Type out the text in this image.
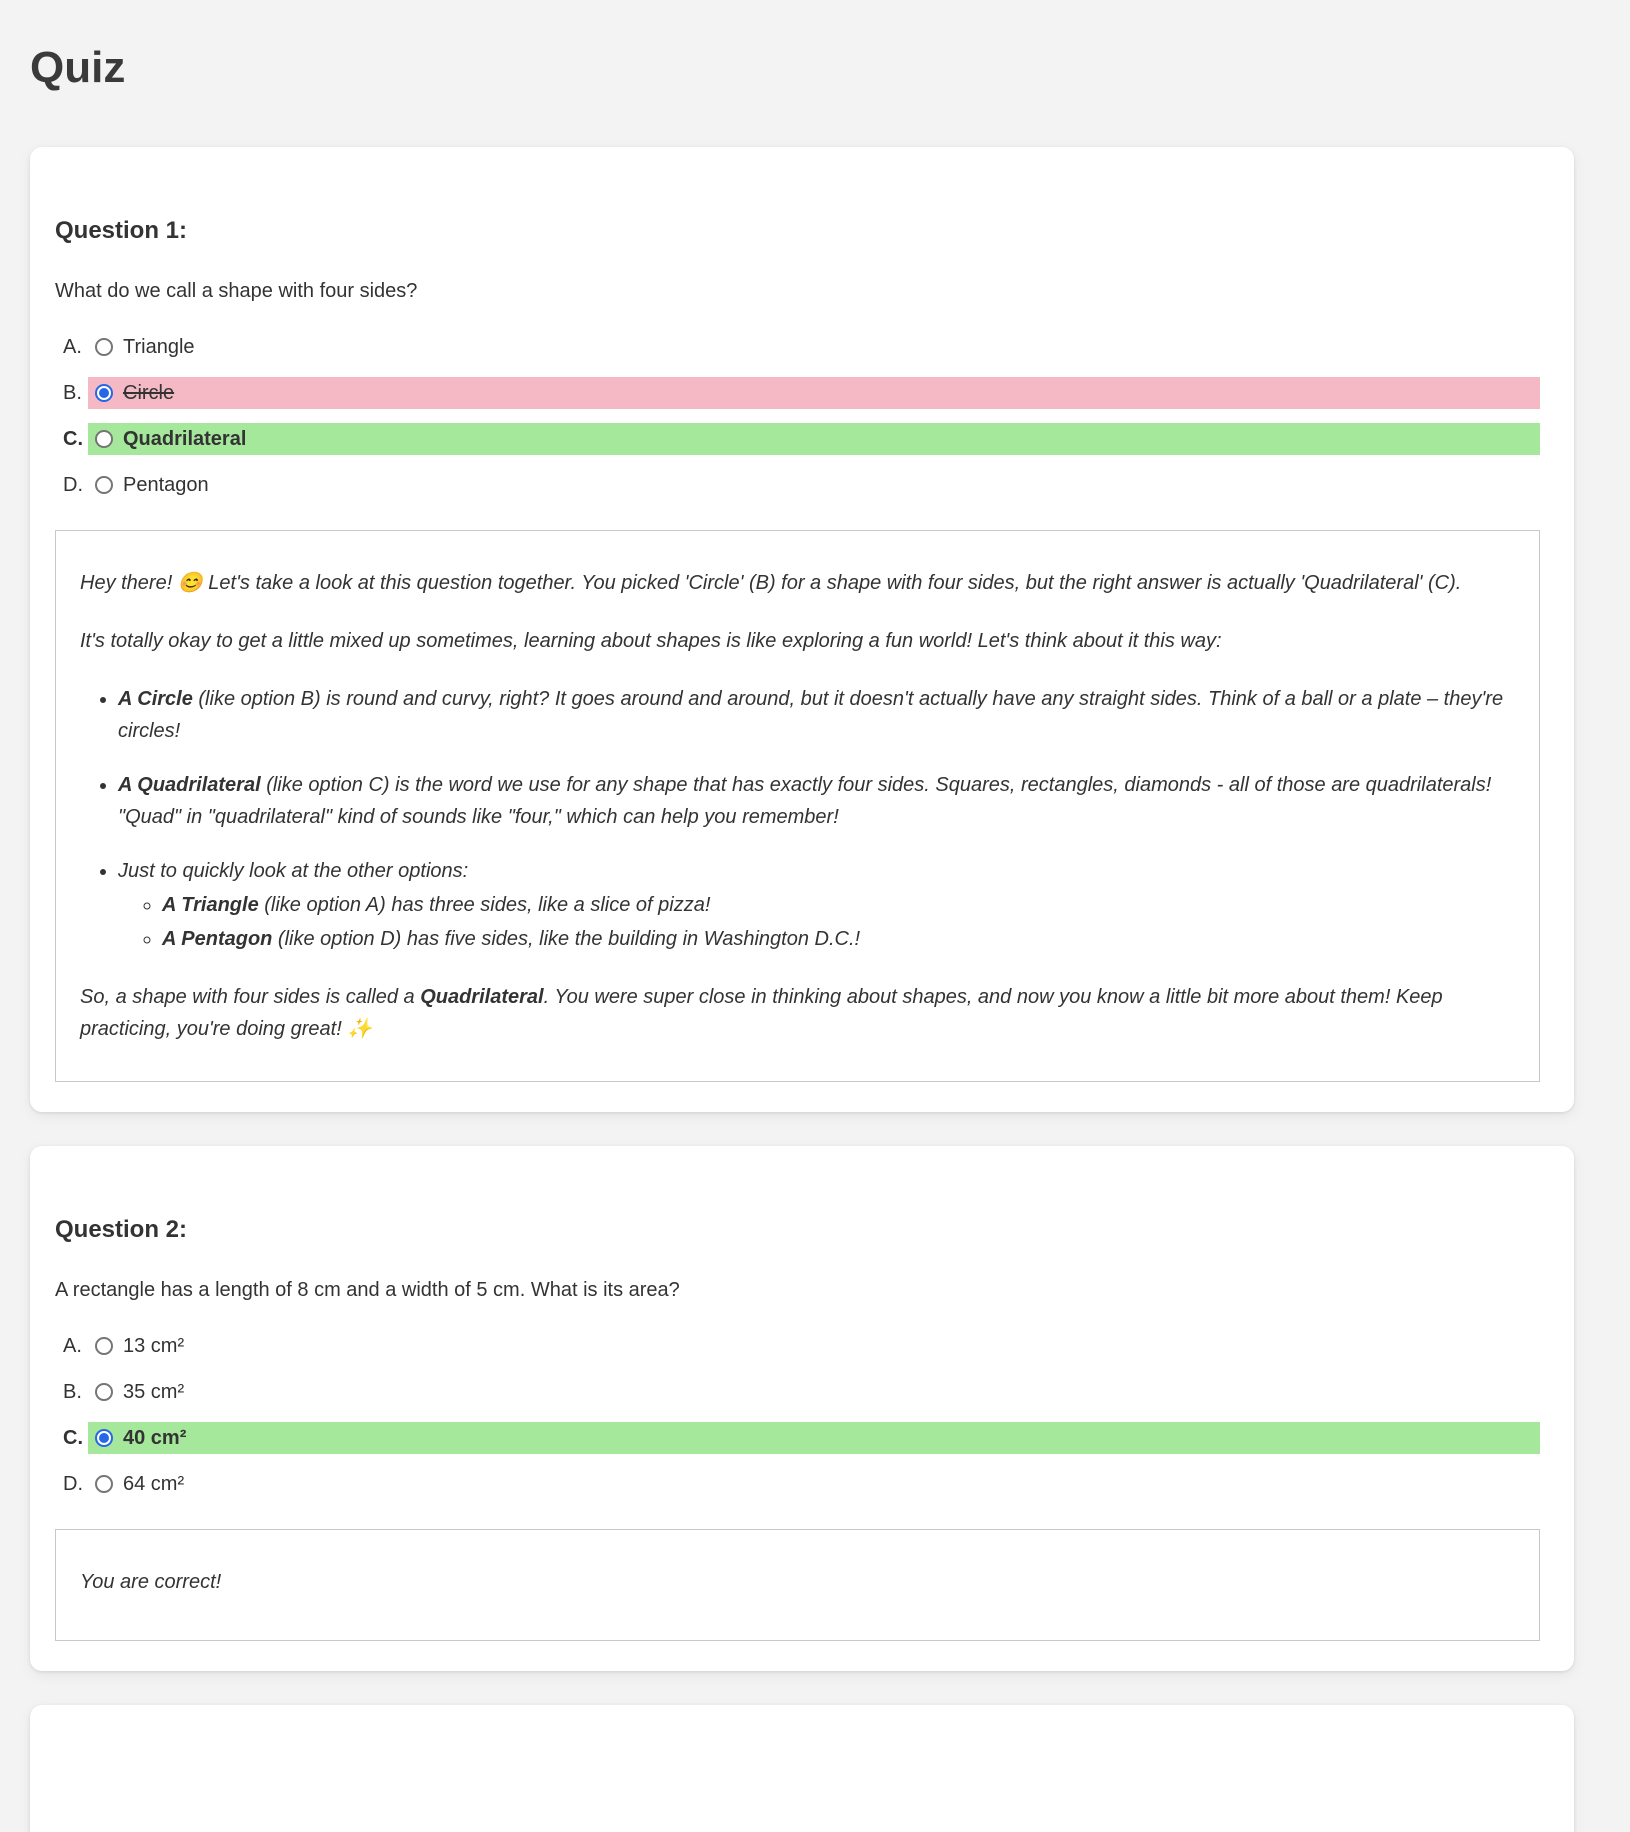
Quiz
Question 1:

What do we call a shape with four sides?

A.	Triangle
B.	Circle
C. Quadrilateral
D. Pentagon

Hey there! 😊 Let's take a look at this question together. You picked 'Circle' (B) for a shape with four sides, but the right answer is actually 'Quadrilateral' (C).

It's totally okay to get a little mixed up sometimes, learning about shapes is like exploring a fun world! Let's think about it this way:

• A Circle (like option B) is round and curvy, right? It goes around and around, but it doesn't actually have any straight sides. Think of a ball or a plate – they're circles!
• A Quadrilateral (like option C) is the word we use for any shape that has exactly four sides. Squares, rectangles, diamonds - all of those are quadrilaterals! "Quad" in "quadrilateral" kind of sounds like "four," which can help you remember!
• Just to quickly look at the other options:
◦ A Triangle (like option A) has three sides, like a slice of pizza!
◦ A Pentagon (like option D) has five sides, like the building in Washington D.C.!

So, a shape with four sides is called a Quadrilateral. You were super close in thinking about shapes, and now you know a little bit more about them! Keep practicing, you're doing great! ✨

Question 2:

A rectangle has a length of 8 cm and a width of 5 cm. What is its area?

A.	13 cm²
B.	35 cm²
C. 40 cm²
D. 64 cm²

You are correct!
